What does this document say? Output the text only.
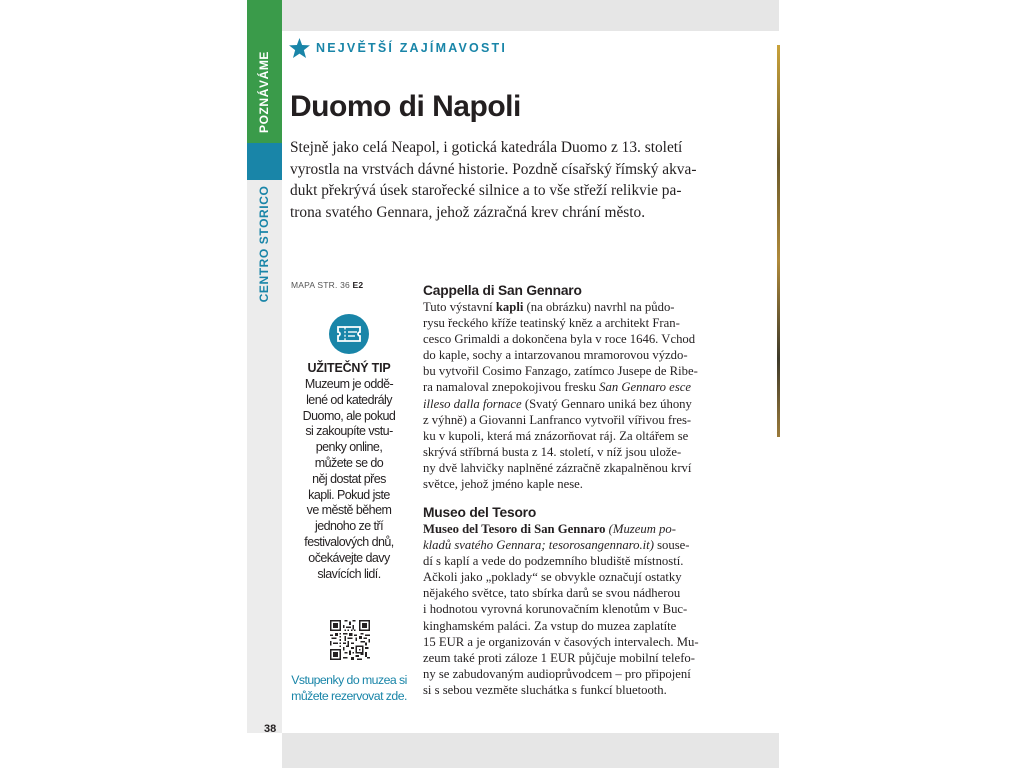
POZNÁVÁME
CENTRO STORICO
NEJVĚTŠÍ ZAJÍMAVOSTI
Duomo di Napoli

Stejně jako celá Neapol, i gotická katedrála Duomo z 13. století
vyrostla na vrstvách dávné historie. Pozdně císařský římský akva-
dukt překrývá úsek starořecké silnice a to vše střeží relikvie pa-
trona svatého Gennara, jehož zázračná krev chrání město.

MAPA STR. 36 E2
UŽITEČNÝ TIP
Muzeum je oddě-
lené od katedrály
Duomo, ale pokud
si zakoupíte vstu-
penky online,
můžete se do
něj dostat přes
kapli. Pokud jste
ve městě během
jednoho ze tří
festivalových dnů,
očekávejte davy
slavících lidí.
Vstupenky do muzea si
můžete rezervovat zde.
38
Cappella di San Gennaro

Tuto výstavní kapli (na obrázku) navrhl na půdo-
rysu řeckého kříže teatinský kněz a architekt Fran-
cesco Grimaldi a dokončena byla v roce 1646. Vchod
do kaple, sochy a intarzovanou mramorovou výzdo-
bu vytvořil Cosimo Fanzago, zatímco Jusepe de Ribe-
ra namaloval znepokojivou fresku San Gennaro esce
illeso dalla fornace (Svatý Gennaro uniká bez úhony
z výhně) a Giovanni Lanfranco vytvořil vířivou fres-
ku v kupoli, která má znázorňovat ráj. Za oltářem se
skrývá stříbrná busta z 14. století, v níž jsou ulože-
ny dvě lahvičky naplněné zázračně zkapalněnou krví
světce, jehož jméno kaple nese.

Museo del Tesoro

Museo del Tesoro di San Gennaro (Muzeum po-
kladů svatého Gennara; tesorosangennaro.it) souse-
dí s kaplí a vede do podzemního bludiště místností.
Ačkoli jako „poklady“ se obvykle označují ostatky
nějakého světce, tato sbírka darů se svou nádherou
i hodnotou vyrovná korunovačním klenotům v Buc-
kinghamském paláci. Za vstup do muzea zaplatíte
15 EUR a je organizován v časových intervalech. Mu-
zeum také proti záloze 1 EUR půjčuje mobilní telefo-
ny se zabudovaným audioprůvodcem – pro připojení
si s sebou vezměte sluchátka s funkcí bluetooth.
